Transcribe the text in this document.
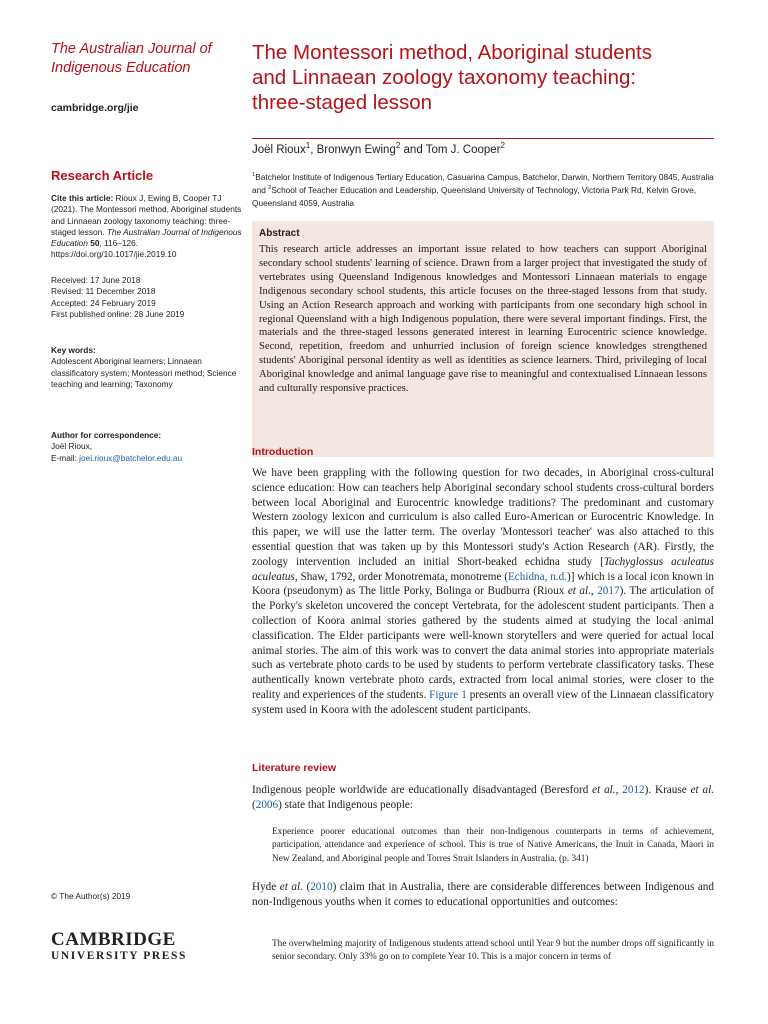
The Australian Journal of
Indigenous Education

cambridge.org/jie
Research Article
Cite this article: Rioux J, Ewing B, Cooper TJ (2021). The Montessori method, Aboriginal students and Linnaean zoology taxonomy teaching: three-staged lesson. The Australian Journal of Indigenous Education 50, 116–126. https://doi.org/10.1017/jie.2019.10
Received: 17 June 2018
Revised: 11 December 2018
Accepted: 24 February 2019
First published online: 28 June 2019
Key words:
Adolescent Aboriginal learners; Linnaean classificatory system; Montessori method; Science teaching and learning; Taxonomy
Author for correspondence:
Joël Rioux,
E-mail: joel.rioux@batchelor.edu.au
© The Author(s) 2019
CAMBRIDGE
UNIVERSITY PRESS
The Montessori method, Aboriginal students
and Linnaean zoology taxonomy teaching:
three-staged lesson
Joël Rioux$^1$, Bronwyn Ewing$^2$ and Tom J. Cooper$^2$
$^1$Batchelor Institute of Indigenous Tertiary Education, Casuarina Campus, Batchelor, Darwin, Northern Territory 0845, Australia and $^2$School of Teacher Education and Leadership, Queensland University of Technology, Victoria Park Rd, Kelvin Grove, Queensland 4059, Australia
Abstract
This research article addresses an important issue related to how teachers can support Aboriginal secondary school students' learning of science. Drawn from a larger project that investigated the study of vertebrates using Queensland Indigenous knowledges and Montessori Linnaean materials to engage Indigenous secondary school students, this article focuses on the three-staged lessons from that study. Using an Action Research approach and working with participants from one secondary high school in regional Queensland with a high Indigenous population, there were several important findings. First, the materials and the three-staged lessons generated interest in learning Eurocentric science knowledge. Second, repetition, freedom and unhurried inclusion of foreign science knowledges strengthened students' Aboriginal personal identity as well as identities as science learners. Third, privileging of local Aboriginal knowledge and animal language gave rise to meaningful and contextualised Linnaean lessons and culturally responsive practices.
Introduction

We have been grappling with the following question for two decades, in Aboriginal cross-cultural science education: How can teachers help Aboriginal secondary school students cross-cultural borders between local Aboriginal and Eurocentric knowledge traditions? The predominant and customary Western zoology lexicon and curriculum is also called Euro-American or Eurocentric Knowledge. In this paper, we will use the latter term. The overlay 'Montessori teacher' was also attached to this essential question that was taken up by this Montessori study's Action Research (AR). Firstly, the zoology intervention included an initial Short-beaked echidna study [Tachyglossus aculeatus aculeatus, Shaw, 1792, order Monotremata, monotreme (Echidna, n.d.)] which is a local icon known in Koora (pseudonym) as The little Porky, Bolinga or Budburra (Rioux et al., 2017). The articulation of the Porky's skeleton uncovered the concept Vertebrata, for the adolescent student participants. Then a collection of Koora animal stories gathered by the students aimed at studying the local animal classification. The Elder participants were well-known storytellers and were queried for actual local animal stories. The aim of this work was to convert the data animal stories into appropriate materials such as vertebrate photo cards to be used by students to perform vertebrate classificatory tasks. These authentically known vertebrate photo cards, extracted from local animal stories, were closer to the reality and experiences of the students. Figure 1 presents an overall view of the Linnaean classificatory system used in Koora with the adolescent student participants.

Literature review

Indigenous people worldwide are educationally disadvantaged (Beresford et al., 2012). Krause et al. (2006) state that Indigenous people:

Experience poorer educational outcomes than their non-Indigenous counterparts in terms of achievement, participation, attendance and experience of school. This is true of Native Americans, the Inuit in Canada, Maori in New Zealand, and Aboriginal people and Torres Strait Islanders in Australia. (p. 341)

Hyde et al. (2010) claim that in Australia, there are considerable differences between Indigenous and non-Indigenous youths when it comes to educational opportunities and outcomes:

The overwhelming majority of Indigenous students attend school until Year 9 but the number drops off significantly in senior secondary. Only 33% go on to complete Year 10. This is a major concern in terms of
